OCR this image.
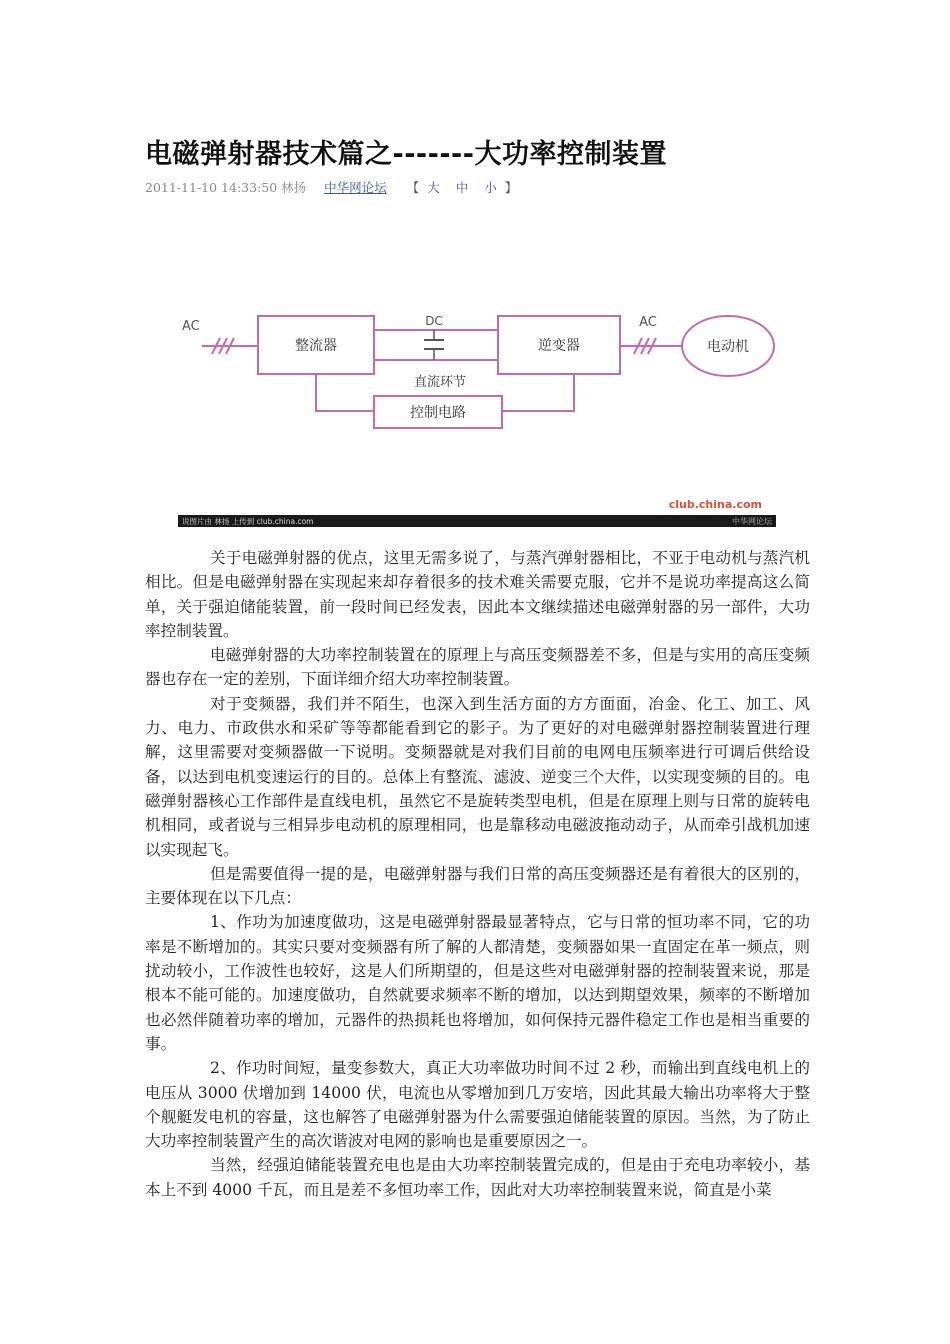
电磁弹射器技术篇之-------大功率控制装置
2011-11-10 14:33:50 林扬 中华网论坛 【 大 中 小 】
AC
整流器
DC
直流环节
逆变器
AC
电动机
控制电路
club.china.com
说图片由 林扬 上传到 club.china.com	中华网论坛

关于电磁弹射器的优点，这里无需多说了，与蒸汽弹射器相比，不亚于电动机与蒸汽机相比。但是电磁弹射器在实现起来却存着很多的技术难关需要克服，它并不是说功率提高这么简单，关于强迫储能装置，前一段时间已经发表，因此本文继续描述电磁弹射器的另一部件，大功率控制装置。

电磁弹射器的大功率控制装置在的原理上与高压变频器差不多，但是与实用的高压变频器也存在一定的差别，下面详细介绍大功率控制装置。

对于变频器，我们并不陌生，也深入到生活方面的方方面面，冶金、化工、加工、风力、电力、市政供水和采矿等等都能看到它的影子。为了更好的对电磁弹射器控制装置进行理解，这里需要对变频器做一下说明。变频器就是对我们目前的电网电压频率进行可调后供给设备，以达到电机变速运行的目的。总体上有整流、滤波、逆变三个大件，以实现变频的目的。电磁弹射器核心工作部件是直线电机，虽然它不是旋转类型电机，但是在原理上则与日常的旋转电机相同，或者说与三相异步电动机的原理相同，也是靠移动电磁波拖动动子，从而牵引战机加速以实现起飞。

但是需要值得一提的是，电磁弹射器与我们日常的高压变频器还是有着很大的区别的，主要体现在以下几点：

1、作功为加速度做功，这是电磁弹射器最显著特点，它与日常的恒功率不同，它的功率是不断增加的。其实只要对变频器有所了解的人都清楚，变频器如果一直固定在革一频点，则扰动较小，工作波性也较好，这是人们所期望的，但是这些对电磁弹射器的控制装置来说，那是根本不能可能的。加速度做功，自然就要求频率不断的增加，以达到期望效果，频率的不断增加也必然伴随着功率的增加，元器件的热损耗也将增加，如何保持元器件稳定工作也是相当重要的事。

2、作功时间短，量变参数大，真正大功率做功时间不过 2 秒，而输出到直线电机上的电压从 3000 伏增加到 14000 伏，电流也从零增加到几万安培，因此其最大输出功率将大于整个舰艇发电机的容量，这也解答了电磁弹射器为什么需要强迫储能装置的原因。当然，为了防止大功率控制装置产生的高次谐波对电网的影响也是重要原因之一。

当然，经强迫储能装置充电也是由大功率控制装置完成的，但是由于充电功率较小，基本上不到 4000 千瓦，而且是差不多恒功率工作，因此对大功率控制装置来说，简直是小菜
